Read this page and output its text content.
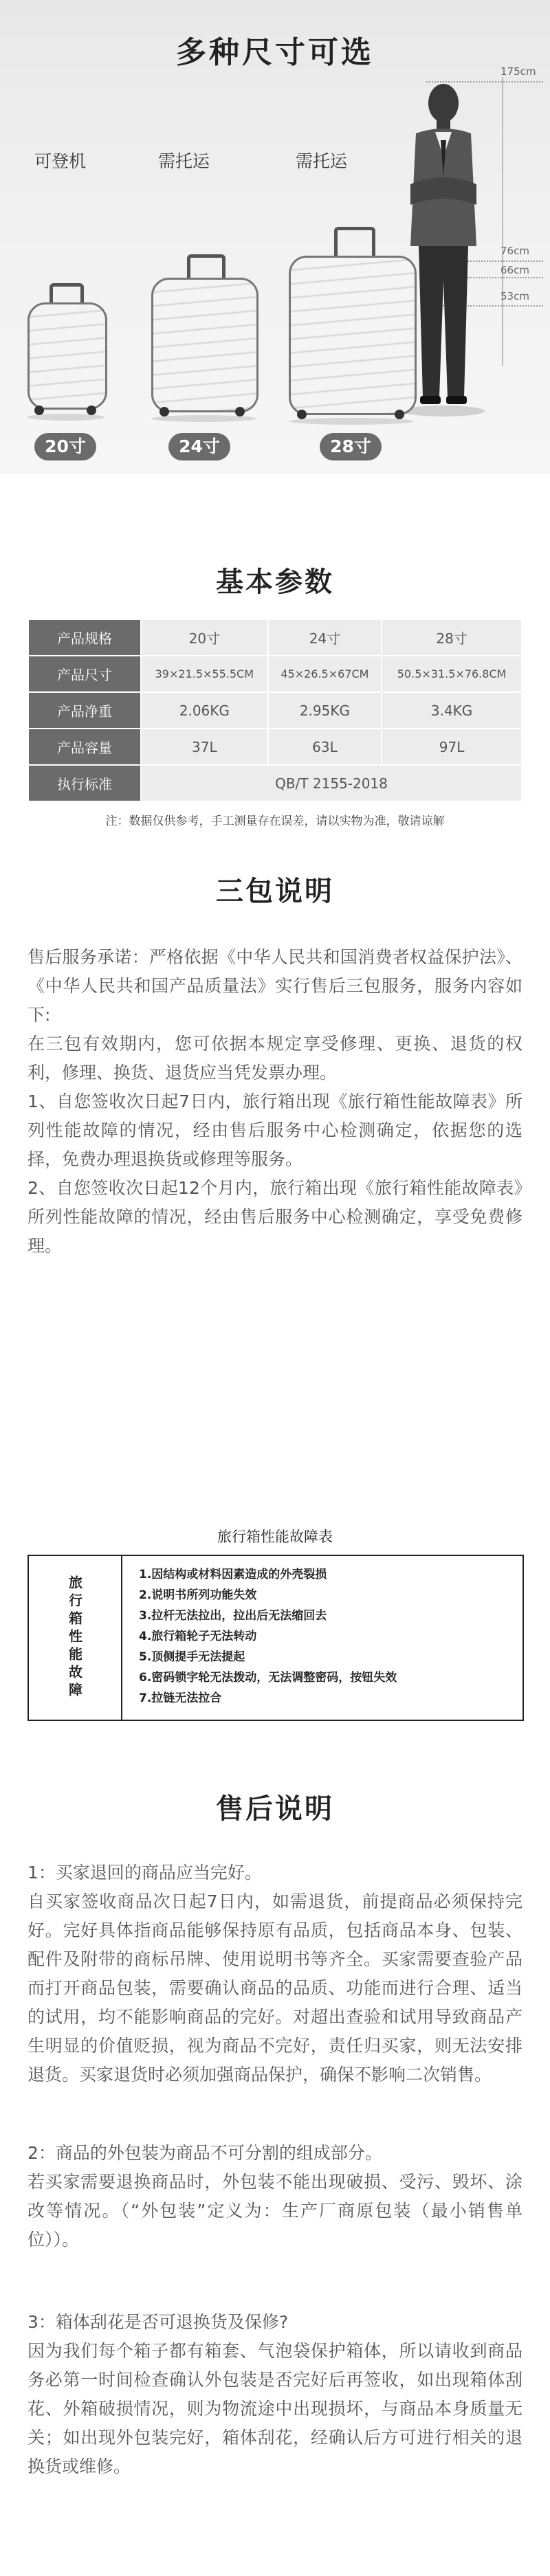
多种尺寸可选
175cm
76cm
66cm
53cm
可登机	需托运	需托运
20寸	24寸	28寸
基本参数
产品规格	20寸	24寸	28寸
产品尺寸	39×21.5×55.5CM	45×26.5×67CM	50.5×31.5×76.8CM
产品净重	2.06KG	2.95KG	3.4KG
产品容量	37L	63L	97L
执行标准	QB/T 2155-2018		
注：数据仅供参考，手工测量存在误差，请以实物为准，敬请谅解
三包说明

售后服务承诺：严格依据《中华人民共和国消费者权益保护法》、《中华人民共和国产品质量法》实行售后三包服务，服务内容如下:

在三包有效期内，您可依据本规定享受修理、更换、退货的权利，修理、换货、退货应当凭发票办理。

1、自您签收次日起7日内，旅行箱出现《旅行箱性能故障表》所列性能故障的情况，经由售后服务中心检测确定，依据您的选择，免费办理退换货或修理等服务。

2、自您签收次日起12个月内，旅行箱出现《旅行箱性能故障表》所列性能故障的情况，经由售后服务中心检测确定，享受免费修理。

旅行箱性能故障表
旅行箱性能故障
1.因结构或材料因素造成的外壳裂损
2.说明书所列功能失效
3.拉杆无法拉出，拉出后无法缩回去
4.旅行箱轮子无法转动
5.顶侧提手无法提起
6.密码锁字轮无法拨动，无法调整密码，按钮失效
7.拉链无法拉合
售后说明

1：买家退回的商品应当完好。

自买家签收商品次日起7日内，如需退货，前提商品必须保持完好。完好具体指商品能够保持原有品质，包括商品本身、包装、配件及附带的商标吊牌、使用说明书等齐全。买家需要查验产品而打开商品包装，需要确认商品的品质、功能而进行合理、适当的试用，均不能影响商品的完好。对超出查验和试用导致商品产生明显的价值贬损，视为商品不完好，责任归买家，则无法安排退货。买家退货时必须加强商品保护，确保不影响二次销售。

2：商品的外包装为商品不可分割的组成部分。

若买家需要退换商品时，外包装不能出现破损、受污、毁坏、涂改等情况。（“外包装”定义为：生产厂商原包装（最小销售单位））。

3：箱体刮花是否可退换货及保修?

因为我们每个箱子都有箱套、气泡袋保护箱体，所以请收到商品务必第一时间检查确认外包装是否完好后再签收，如出现箱体刮花、外箱破损情况，则为物流途中出现损坏，与商品本身质量无关；如出现外包装完好，箱体刮花，经确认后方可进行相关的退换货或维修。
